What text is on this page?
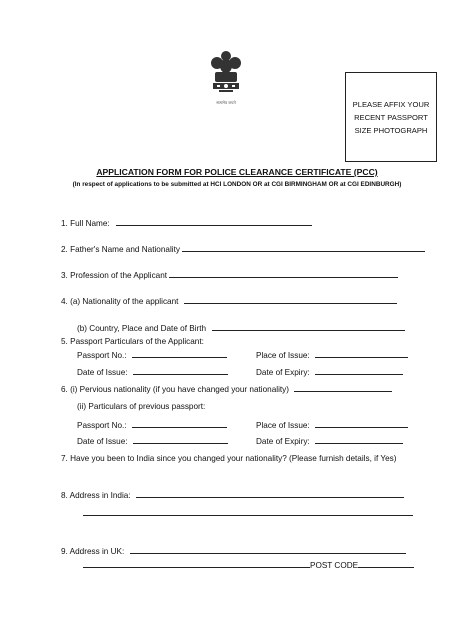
सत्यमेव जयते	PLEASE AFFIX YOUR
RECENT PASSPORT
SIZE PHOTOGRAPH
APPLICATION FORM FOR POLICE CLEARANCE CERTIFICATE (PCC)
(In respect of applications to be submitted at HCI LONDON OR at CGI BIRMINGHAM OR at CGI EDINBURGH)
1. Full Name:
2. Father's Name and Nationality
3. Profession of the Applicant
4. (a) Nationality of the applicant
(b) Country, Place and Date of Birth
5. Passport Particulars of the Applicant:
Passport No.:	Place of Issue:
Date of Issue:	Date of Expiry:
6. (i) Pervious nationality (if you have changed your nationality)
(ii) Particulars of previous passport:
Passport No.:	Place of Issue:
Date of Issue:	Date of Expiry:
7. Have you been to India since you changed your nationality? (Please furnish details, if Yes)
8. Address in India:
9. Address in UK:
POST CODE
